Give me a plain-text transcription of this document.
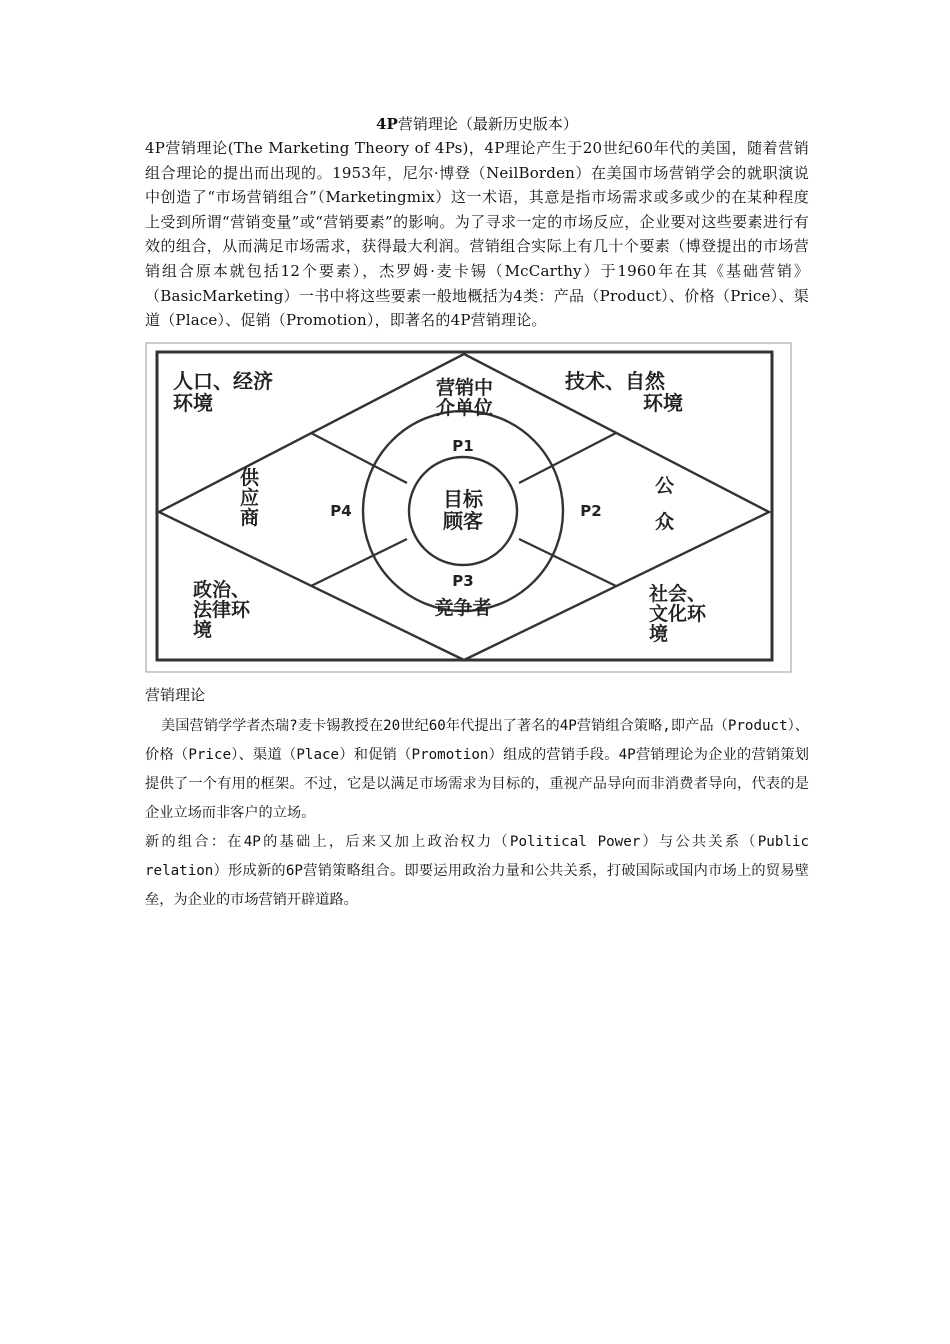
4P营销理论（最新历史版本）

4P营销理论(The Marketing Theory of 4Ps)，4P理论产生于20世纪60年代的美国，随着营销组合理论的提出而出现的。1953年，尼尔·博登（NeilBorden）在美国市场营销学会的就职演说中创造了“市场营销组合”（Marketingmix）这一术语，其意是指市场需求或多或少的在某种程度上受到所谓“营销变量”或“营销要素”的影响。为了寻求一定的市场反应，企业要对这些要素进行有效的组合，从而满足市场需求，获得最大利润。营销组合实际上有几十个要素（博登提出的市场营销组合原本就包括12个要素），杰罗姆·麦卡锡（McCarthy）于1960年在其《基础营销》（BasicMarketing）一书中将这些要素一般地概括为4类：产品（Product）、价格（Price）、渠道（Place）、促销（Promotion），即著名的4P营销理论。

人口、经济
环境
技术、自然
环境
政治、
法律环
境
社会、
文化环
境
营销中
介单位
供
应
商
公
众
竞争者
P1
P2
P3
P4	目标
顾客

营销理论

美国营销学学者杰瑞?麦卡锡教授在20世纪60年代提出了著名的4P营销组合策略,即产品（Product）、价格（Price）、渠道（Place）和促销（Promotion）组成的营销手段。4P营销理论为企业的营销策划提供了一个有用的框架。不过，它是以满足市场需求为目标的，重视产品导向而非消费者导向，代表的是企业立场而非客户的立场。

新的组合：在4P的基础上，后来又加上政治权力（Political Power）与公共关系（Public relation）形成新的6P营销策略组合。即要运用政治力量和公共关系，打破国际或国内市场上的贸易壁垒，为企业的市场营销开辟道路。
